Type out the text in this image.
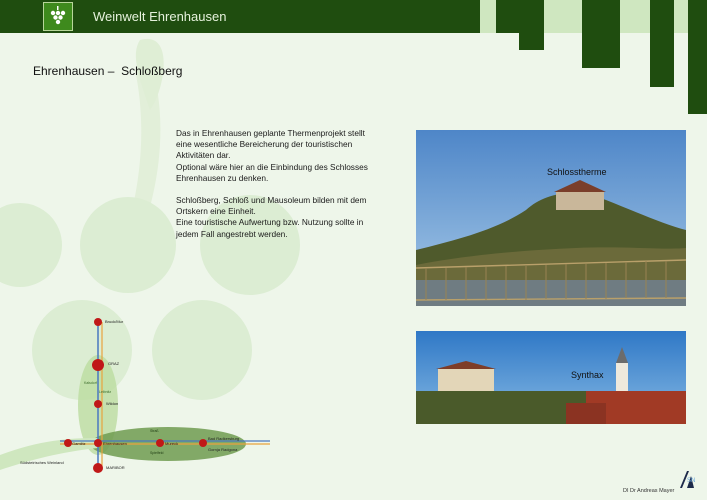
Weinwelt Ehrenhausen
Ehrenhausen –  Schloßberg

Das in Ehrenhausen geplante Thermenprojekt stellt
eine wesentliche Bereicherung der touristischen
Aktivitäten dar.
Optional wäre hier an die Einbindung des Schlosses
Ehrenhausen zu denken.

Schloßberg, Schloß und Mausoleum bilden mit dem
Ortskern eine Einheit.
Eine touristische Aufwertung bzw. Nutzung sollte in
jedem Fall angestrebt werden.

Schlosstherme
Synthax
Bruck/Mur
GRAZ
Kalsdorf
Leibnitz
Wildon
Straß
Gamlitz	Ehrenhausen	Mureck
Bad Radkersburg
Gornja Radgona
Spielfeld
Südsteirisches Weinland
MARIBOR
SN
DI Dr Andreas Mayer
